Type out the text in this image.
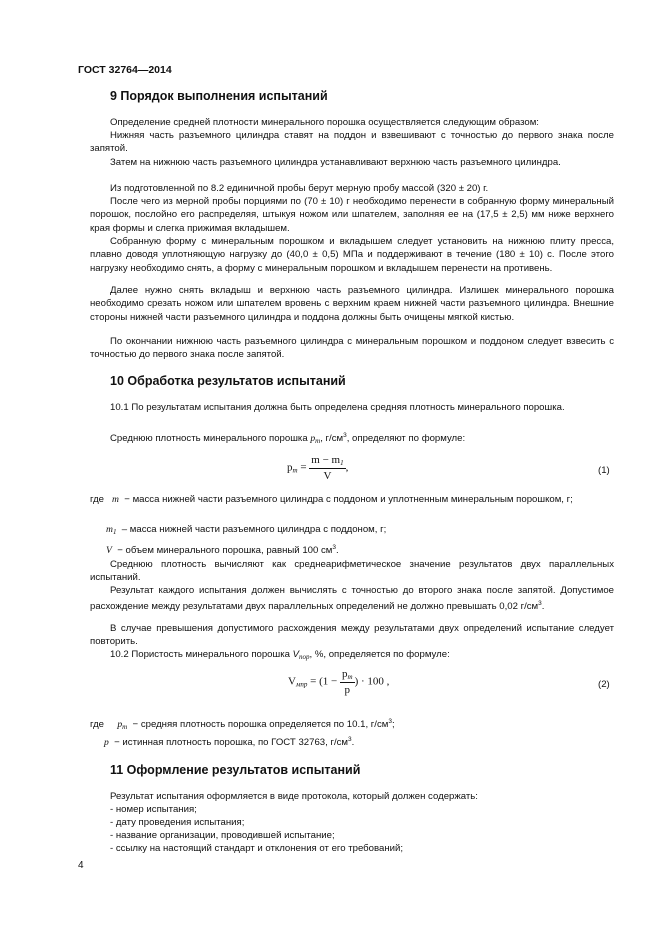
ГОСТ 32764—2014
9 Порядок выполнения испытаний

Определение средней плотности минерального порошка осуществляется следующим образом:

Нижняя часть разъемного цилиндра ставят на поддон и взвешивают с точностью до первого знака после запятой.

Затем на нижнюю часть разъемного цилиндра устанавливают верхнюю часть разъемного цилиндра.

Из подготовленной по 8.2 единичной пробы берут мерную пробу массой (320 ± 20) г.

После чего из мерной пробы порциями по (70 ± 10) г необходимо перенести в собранную форму минеральный порошок, послойно его распределяя, штыкуя ножом или шпателем, заполняя ее на (17,5 ± 2,5) мм ниже верхнего края формы и слегка прижимая вкладышем.

Собранную форму с минеральным порошком и вкладышем следует установить на нижнюю плиту пресса, плавно доводя уплотняющую нагрузку до (40,0 ± 0,5) МПа и поддерживают в течение (180 ± 10) с. После этого нагрузку необходимо снять, а форму с минеральным порошком и вкладышем перенести на противень.

Далее нужно снять вкладыш и верхнюю часть разъемного цилиндра. Излишек минерального порошка необходимо срезать ножом или шпателем вровень с верхним краем нижней части разъемного цилиндра. Внешние стороны нижней части разъемного цилиндра и поддона должны быть очищены мягкой кистью.

По окончании нижнюю часть разъемного цилиндра с минеральным порошком и поддоном следует взвесить с точностью до первого знака после запятой.

10 Обработка результатов испытаний

10.1 По результатам испытания должна быть определена средняя плотность минерального порошка.

Среднюю плотность минерального порошка $p_m$, $г/см^3$, определяют по формуле:
$p_m = \frac{m - m_1}{V}$ ,	(1)

где m − масса нижней части разъемного цилиндра с поддоном и уплотненным минеральным порошком, г;

$m_1$ – масса нижней части разъемного цилиндра с поддоном, г;
V − объем минерального порошка, равный 100 $см^3$.

Среднюю плотность вычисляют как среднеарифметическое значение результатов двух параллельных испытаний.

Результат каждого испытания должен вычислять с точностью до второго знака после запятой. Допустимое расхождение между результатами двух параллельных определений не должно превышать 0,02 $г/см^3$.

В случае превышения допустимого расхождения между результатами двух определений испытание следует повторить.

10.2 Пористость минерального порошка $V_{пор}$, %, определяется по формуле:
$V_{мпр} = (1 - \frac{p_m}{p}$ ) · 100 ,	(2)
где $p_m$ − средняя плотность порошка определяется по 10.1, $г/см^3$;
p − истинная плотность порошка, по ГОСТ 32763, $г/см^3$.
11 Оформление результатов испытаний
Результат испытания оформляется в виде протокола, который должен содержать:
- номер испытания;
- дату проведения испытания;
- название организации, проводившей испытание;
- ссылку на настоящий стандарт и отклонения от его требований;
4
